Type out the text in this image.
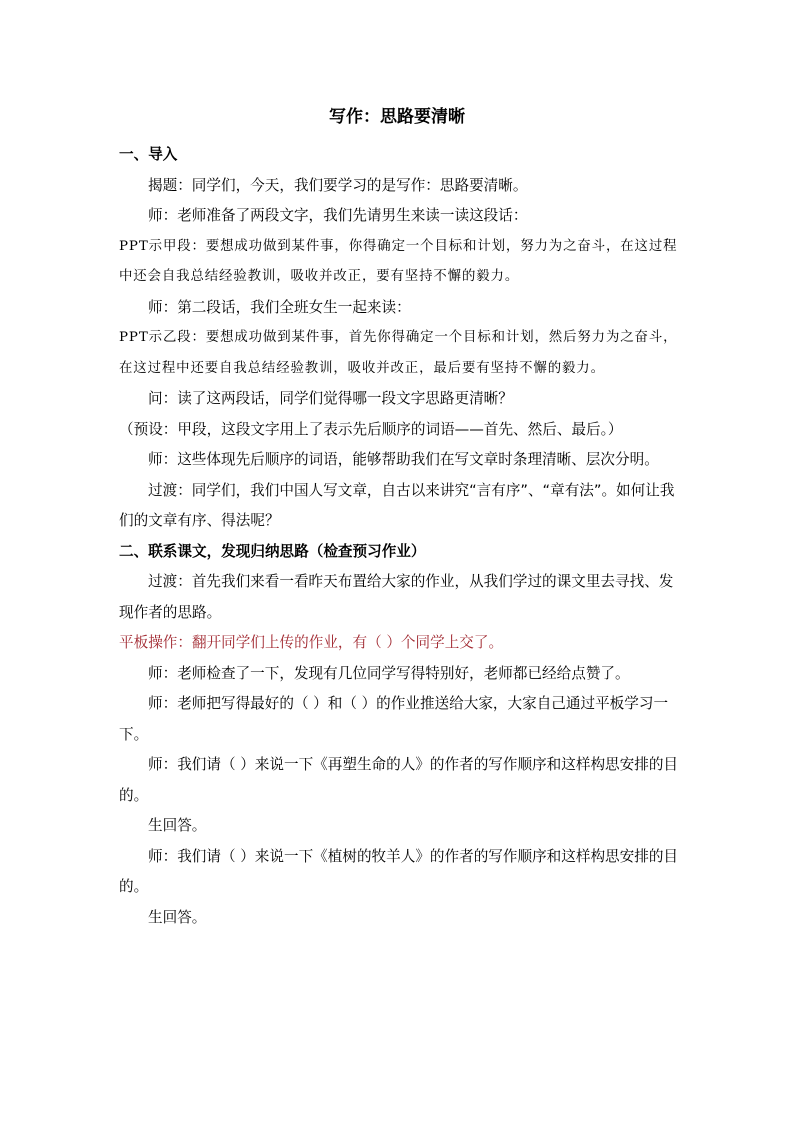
写作：思路要清晰

一、导入

揭题：同学们，今天，我们要学习的是写作：思路要清晰。

师：老师准备了两段文字，我们先请男生来读一读这段话：

PPT示甲段：要想成功做到某件事，你得确定一个目标和计划，努力为之奋斗，在这过程中还会自我总结经验教训，吸收并改正，要有坚持不懈的毅力。

师：第二段话，我们全班女生一起来读：

PPT示乙段：要想成功做到某件事，首先你得确定一个目标和计划，然后努力为之奋斗，在这过程中还要自我总结经验教训，吸收并改正，最后要有坚持不懈的毅力。

问：读了这两段话，同学们觉得哪一段文字思路更清晰？

（预设：甲段，这段文字用上了表示先后顺序的词语——首先、然后、最后。）

师：这些体现先后顺序的词语，能够帮助我们在写文章时条理清晰、层次分明。

过渡：同学们，我们中国人写文章，自古以来讲究“言有序”、“章有法”。如何让我们的文章有序、得法呢？

二、联系课文，发现归纳思路（检查预习作业）

过渡：首先我们来看一看昨天布置给大家的作业，从我们学过的课文里去寻找、发现作者的思路。

平板操作：翻开同学们上传的作业，有（ ）个同学上交了。

师：老师检查了一下，发现有几位同学写得特别好，老师都已经给点赞了。

师：老师把写得最好的（ ）和（ ）的作业推送给大家，大家自己通过平板学习一下。

师：我们请（ ）来说一下《再塑生命的人》的作者的写作顺序和这样构思安排的目的。

生回答。

师：我们请（ ）来说一下《植树的牧羊人》的作者的写作顺序和这样构思安排的目的。

生回答。
